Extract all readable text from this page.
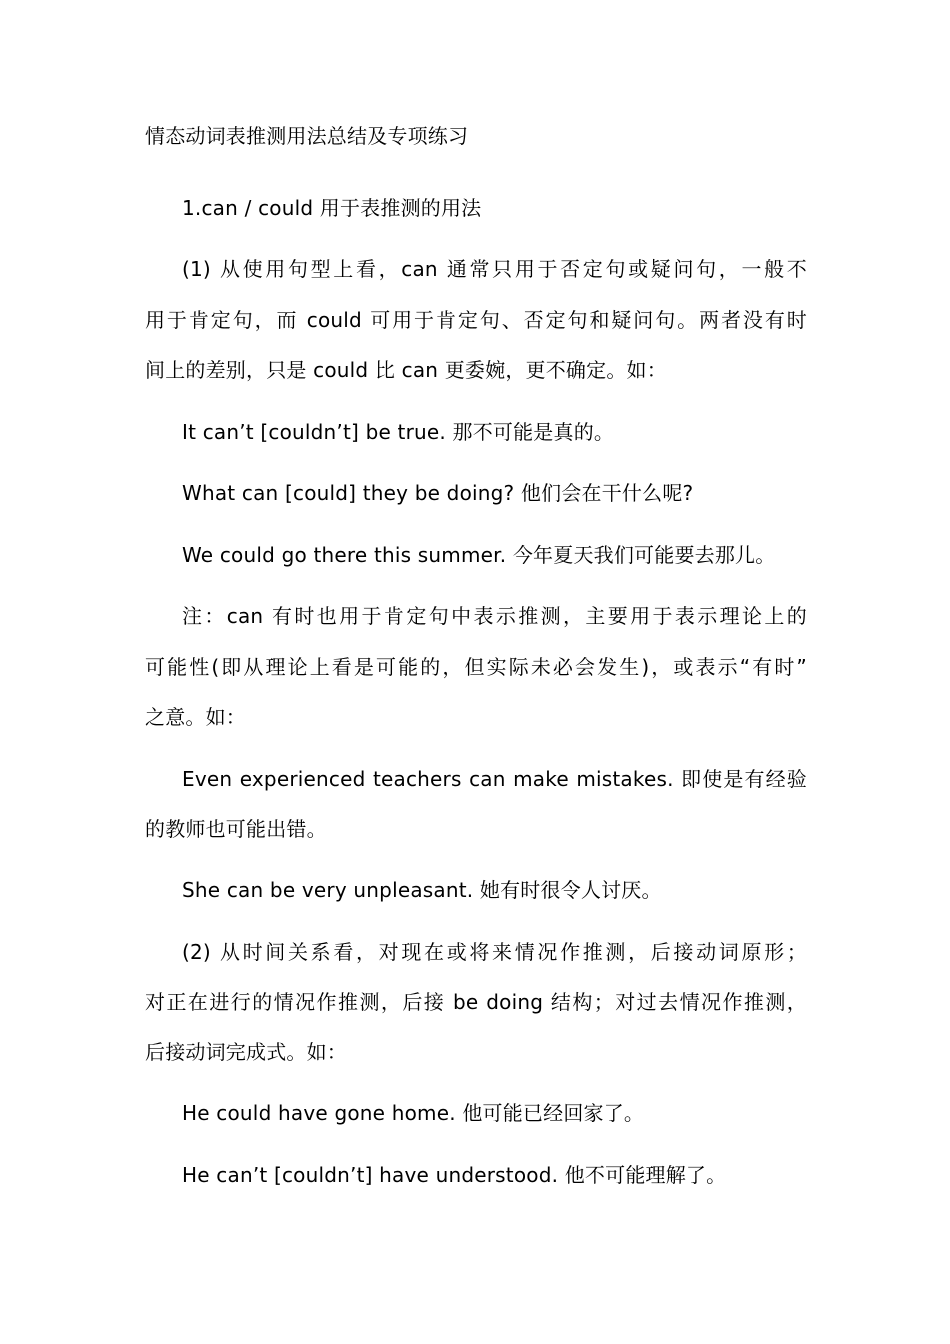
情态动词表推测用法总结及专项练习
1.can / could 用于表推测的用法
(1) 从使用句型上看，can 通常只用于否定句或疑问句，一般不
用于肯定句，而 could 可用于肯定句、否定句和疑问句。两者没有时
间上的差别，只是 could 比 can 更委婉，更不确定。如：
It can’t [couldn’t] be true. 那不可能是真的。
What can [could] they be doing? 他们会在干什么呢?
We could go there this summer. 今年夏天我们可能要去那儿。
注：can 有时也用于肯定句中表示推测，主要用于表示理论上的
可能性(即从理论上看是可能的，但实际未必会发生)，或表示“有时”
之意。如：
Even experienced teachers can make mistakes. 即使是有经验
的教师也可能出错。
She can be very unpleasant. 她有时很令人讨厌。
(2) 从时间关系看，对现在或将来情况作推测，后接动词原形；
对正在进行的情况作推测，后接 be doing 结构；对过去情况作推测，
后接动词完成式。如：
He could have gone home. 他可能已经回家了。
He can’t [couldn’t] have understood. 他不可能理解了。
